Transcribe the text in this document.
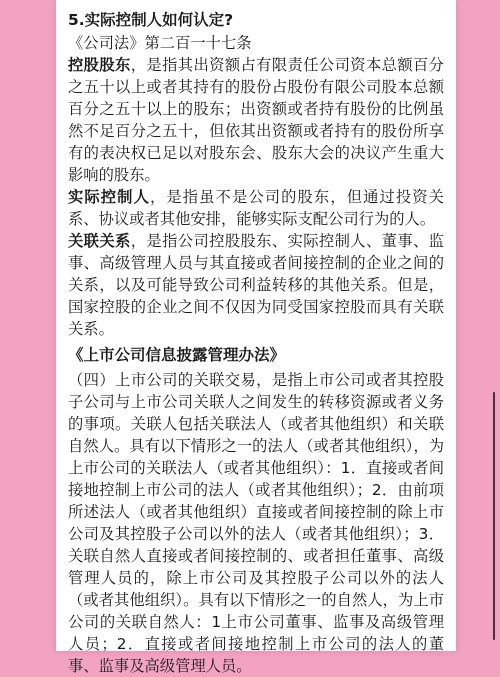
5.实际控制人如何认定?
《公司法》第二百一十七条
控股股东，是指其出资额占有限责任公司资本总额百分之五十以上或者其持有的股份占股份有限公司股本总额百分之五十以上的股东；出资额或者持有股份的比例虽然不足百分之五十，但依其出资额或者持有的股份所享有的表决权已足以对股东会、股东大会的决议产生重大影响的股东。
实际控制人，是指虽不是公司的股东，但通过投资关系、协议或者其他安排，能够实际支配公司行为的人。
关联关系，是指公司控股股东、实际控制人、董事、监事、高级管理人员与其直接或者间接控制的企业之间的关系，以及可能导致公司利益转移的其他关系。但是，国家控股的企业之间不仅因为同受国家控股而具有关联关系。
《上市公司信息披露管理办法》
（四）上市公司的关联交易，是指上市公司或者其控股子公司与上市公司关联人之间发生的转移资源或者义务的事项。关联人包括关联法人（或者其他组织）和关联自然人。具有以下情形之一的法人（或者其他组织），为上市公司的关联法人（或者其他组织）：1．直接或者间接地控制上市公司的法人（或者其他组织）；2．由前项所述法人（或者其他组织）直接或者间接控制的除上市公司及其控股子公司以外的法人（或者其他组织）；3．关联自然人直接或者间接控制的、或者担任董事、高级管理人员的，除上市公司及其控股子公司以外的法人（或者其他组织）。具有以下情形之一的自然人，为上市公司的关联自然人：1上市公司董事、监事及高级管理人员；2．直接或者间接地控制上市公司的法人的董事、监事及高级管理人员。
